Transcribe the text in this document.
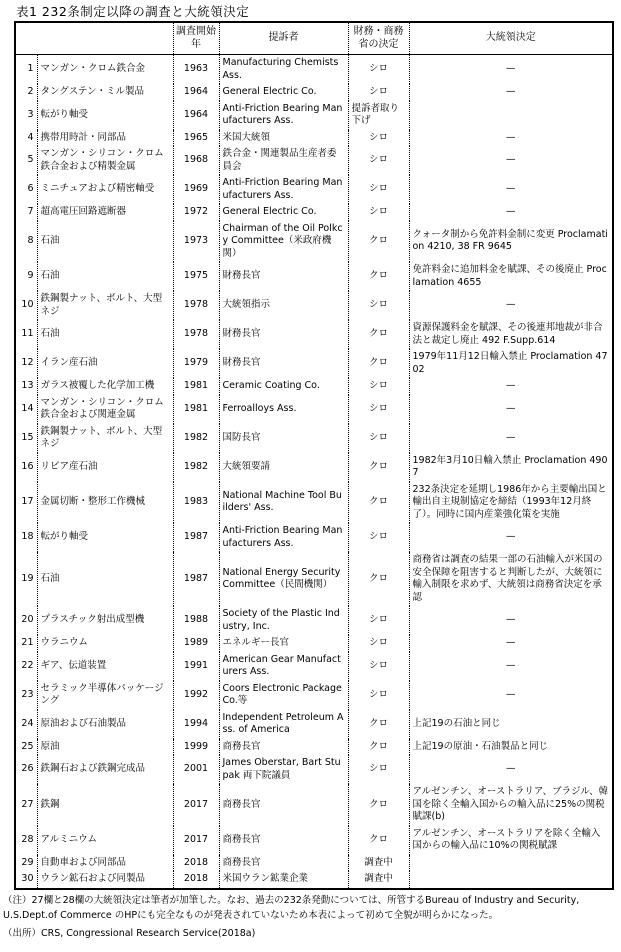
表1 232条制定以降の調査と大統領決定
		調査開始年	提訴者	財務・商務省の決定	大統領決定
1	マンガン・クロム鉄合金	1963	Manufacturing Chemists Ass.	シロ	—
2	タングステン・ミル製品	1964	General Electric Co.	シロ	—
3	転がり軸受	1964	Anti-Friction Bearing Manufacturers Ass.	提訴者取り下げ	
4	携帯用時計・同部品	1965	米国大統領	シロ	—
5	マンガン・シリコン・クロム鉄合金および精製金属	1968	鉄合金・関連製品生産者委員会	シロ	—
6	ミニチュアおよび精密軸受	1969	Anti-Friction Bearing Manufacturers Ass.	シロ	—
7	超高電圧回路遮断器	1972	General Electric Co.	シロ	—
8	石油	1973	Chairman of the Oil Polkcy Committee（米政府機関）	クロ	クォータ制から免許料金制に変更 Proclamation 4210, 38 FR 9645
9	石油	1975	財務長官	クロ	免許料金に追加料金を賦課、その後廃止 Proclamation 4655
10	鉄鋼製ナット、ボルト、大型ネジ	1978	大統領指示	シロ	—
11	石油	1978	財務長官	クロ	資源保護料金を賦課、その後連邦地裁が非合法と裁定し廃止 492 F.Supp.614
12	イラン産石油	1979	財務長官	クロ	1979年11月12日輸入禁止 Proclamation 4702
13	ガラス被覆した化学加工機	1981	Ceramic Coating Co.	シロ	—
14	マンガン・シリコン・クロム鉄合金および関連金属	1981	Ferroalloys Ass.	シロ	—
15	鉄鋼製ナット、ボルト、大型ネジ	1982	国防長官	シロ	—
16	リビア産石油	1982	大統領要請	クロ	1982年3月10日輸入禁止 Proclamation 4907
17	金属切断・整形工作機械	1983	National Machine Tool Builders' Ass.	クロ	232条決定を延期し1986年から主要輸出国と輸出自主規制協定を締結（1993年12月終了）。同時に国内産業強化策を実施
18	転がり軸受	1987	Anti-Friction Bearing Manufacturers Ass.	シロ	—
19	石油	1987	National Energy Security Committee（民間機関）	クロ	商務省は調査の結果一部の石油輸入が米国の安全保障を阻害すると判断したが、大統領に輸入制限を求めず、大統領は商務省決定を承認
20	プラスチック射出成型機	1988	Society of the Plastic Industry, Inc.	シロ	—
21	ウラニウム	1989	エネルギー長官	シロ	—
22	ギア、伝道装置	1991	American Gear Manufacturers Ass.	シロ	—
23	セラミック半導体パッケージング	1992	Coors Electronic Package Co.等	シロ	—
24	原油および石油製品	1994	Independent Petroleum Ass. of America	クロ	上記19の石油と同じ
25	原油	1999	商務長官	クロ	上記19の原油・石油製品と同じ
26	鉄鋼石および鉄鋼完成品	2001	James Oberstar, Bart Stupak 両下院議員	シロ	—
27	鉄鋼	2017	商務長官	クロ	アルゼンチン、オーストラリア、ブラジル、韓国を除く全輸入国からの輸入品に25%の関税賦課(b)
28	アルミニウム	2017	商務長官	クロ	アルゼンチン、オーストラリアを除く全輸入国からの輸入品に10%の関税賦課
29	自動車および同部品	2018	商務長官	調査中	
30	ウラン鉱石および同製品	2018	米国ウラン鉱業企業	調査中	
（注）27欄と28欄の大統領決定は筆者が加筆した。なお、過去の232条発動については、所管するBureau of Industry and Security,
U.S.Dept.of Commerce のHPにも完全なものが発表されていないため本表によって初めて全貌が明らかになった。
（出所）CRS, Congressional Research Service(2018a)
